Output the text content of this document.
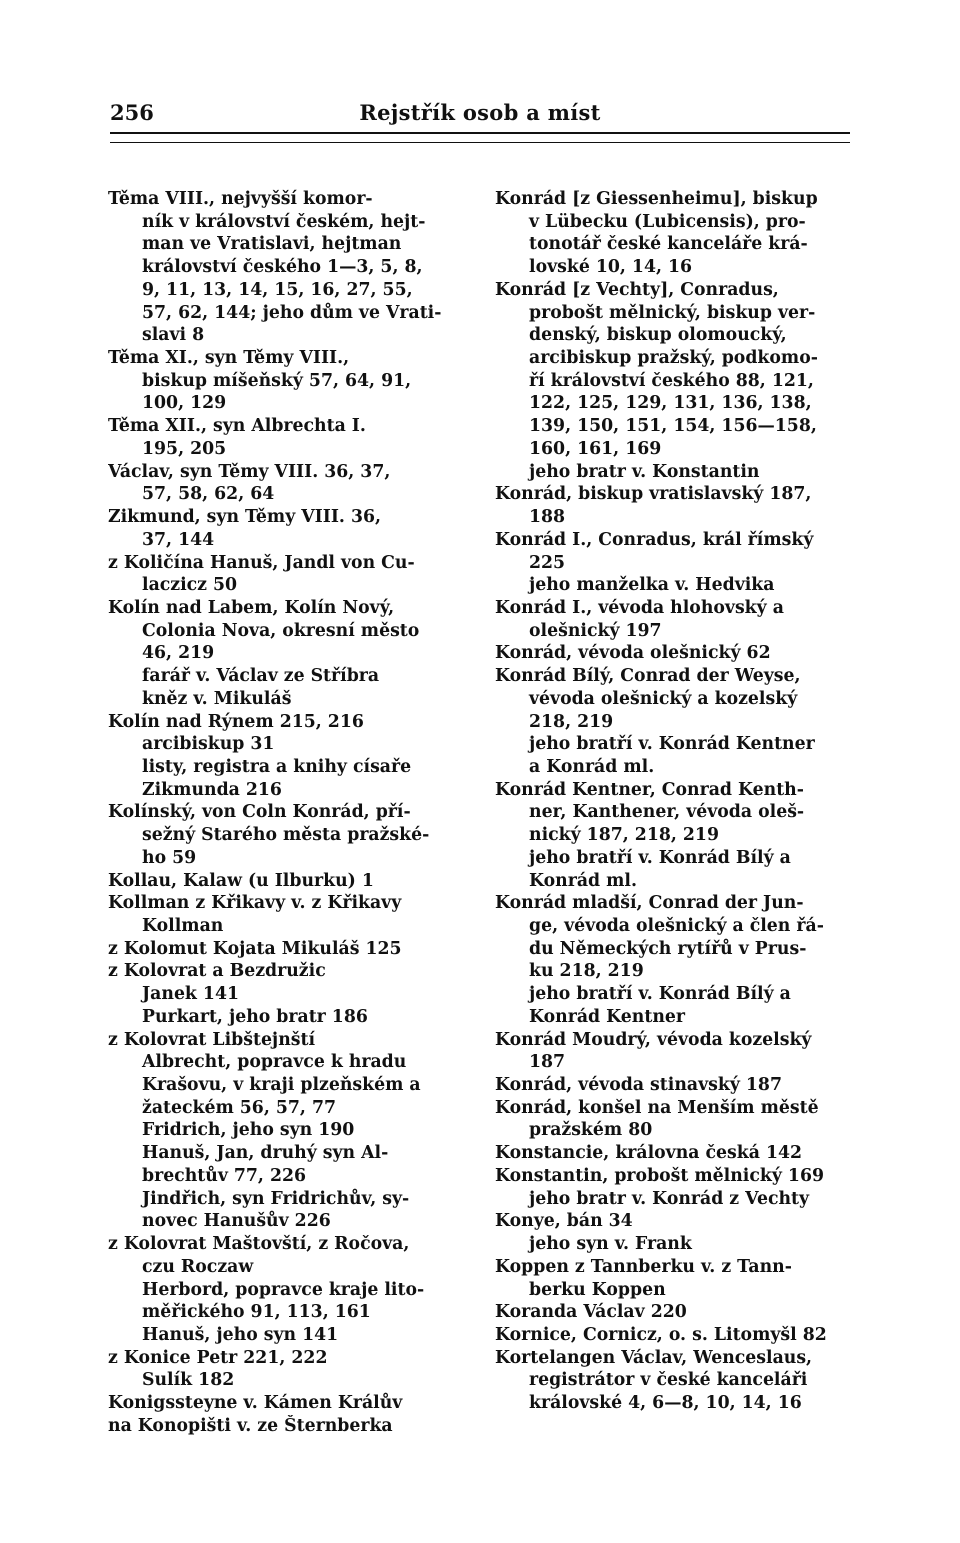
256	Rejstřík osob a míst
Těma VIII., nejvyšší komor-
ník v království českém, hejt-
man ve Vratislavi, hejtman
království českého 1—3, 5, 8,
9, 11, 13, 14, 15, 16, 27, 55,
57, 62, 144; jeho dům ve Vrati-
slavi 8
Těma XI., syn Těmy VIII.,
biskup míšeňský 57, 64, 91,
100, 129
Těma XII., syn Albrechta I.
195, 205
Václav, syn Těmy VIII. 36, 37,
57, 58, 62, 64
Zikmund, syn Těmy VIII. 36,
37, 144
z Količína Hanuš, Jandl von Cu-
laczicz 50
Kolín nad Labem, Kolín Nový,
Colonia Nova, okresní město
46, 219
farář v. Václav ze Stříbra
kněz v. Mikuláš
Kolín nad Rýnem 215, 216
arcibiskup 31
listy, registra a knihy císaře
Zikmunda 216
Kolínský, von Coln Konrád, pří-
sežný Starého města pražské-
ho 59
Kollau, Kalaw (u Ilburku) 1
Kollman z Křikavy v. z Křikavy
Kollman
z Kolomut Kojata Mikuláš 125
z Kolovrat a Bezdružic
Janek 141
Purkart, jeho bratr 186
z Kolovrat Libštejnští
Albrecht, popravce k hradu
Krašovu, v kraji plzeňském a
žateckém 56, 57, 77
Fridrich, jeho syn 190
Hanuš, Jan, druhý syn Al-
brechtův 77, 226
Jindřich, syn Fridrichův, sy-
novec Hanušův 226
z Kolovrat Maštovští, z Ročova,
czu Roczaw
Herbord, popravce kraje lito-
měřického 91, 113, 161
Hanuš, jeho syn 141
z Konice Petr 221, 222
Sulík 182
Konigssteyne v. Kámen Králův
na Konopišti v. ze Šternberka
Konrád [z Giessenheimu], biskup
v Lübecku (Lubicensis), pro-
tonotář české kanceláře krá-
lovské 10, 14, 16
Konrád [z Vechty], Conradus,
probošt mělnický, biskup ver-
denský, biskup olomoucký,
arcibiskup pražský, podkomo-
ří království českého 88, 121,
122, 125, 129, 131, 136, 138,
139, 150, 151, 154, 156—158,
160, 161, 169
jeho bratr v. Konstantin
Konrád, biskup vratislavský 187,
188
Konrád I., Conradus, král římský
225
jeho manželka v. Hedvika
Konrád I., vévoda hlohovský a
olešnický 197
Konrád, vévoda olešnický 62
Konrád Bílý, Conrad der Weyse,
vévoda olešnický a kozelský
218, 219
jeho bratří v. Konrád Kentner
a Konrád ml.
Konrád Kentner, Conrad Kenth-
ner, Kanthener, vévoda oleš-
nický 187, 218, 219
jeho bratří v. Konrád Bílý a
Konrád ml.
Konrád mladší, Conrad der Jun-
ge, vévoda olešnický a člen řá-
du Německých rytířů v Prus-
ku 218, 219
jeho bratří v. Konrád Bílý a
Konrád Kentner
Konrád Moudrý, vévoda kozelský
187
Konrád, vévoda stinavský 187
Konrád, konšel na Menším městě
pražském 80
Konstancie, královna česká 142
Konstantin, probošt mělnický 169
jeho bratr v. Konrád z Vechty
Konye, bán 34
jeho syn v. Frank
Koppen z Tannberku v. z Tann-
berku Koppen
Koranda Václav 220
Kornice, Cornicz, o. s. Litomyšl 82
Kortelangen Václav, Wenceslaus,
registrátor v české kanceláři
královské 4, 6—8, 10, 14, 16
